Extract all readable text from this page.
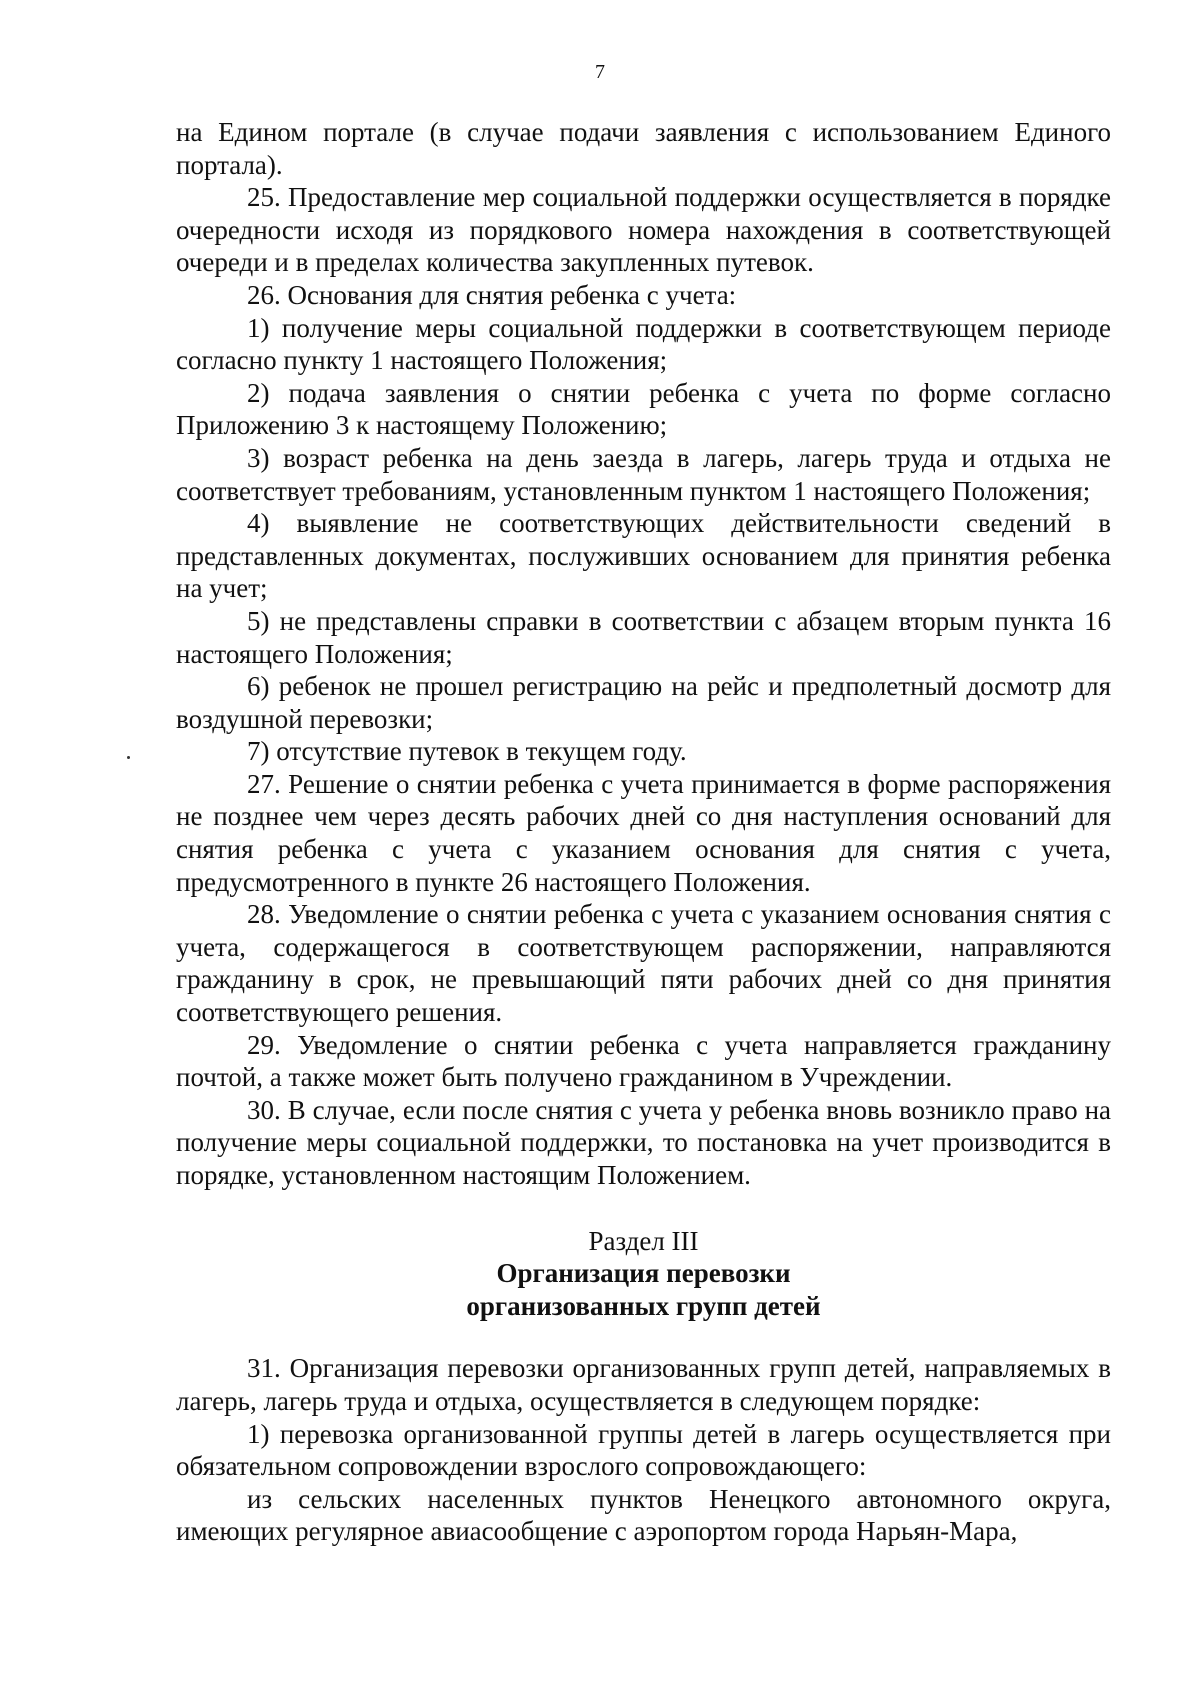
7

на Едином портале (в случае подачи заявления с использованием Единого портала).

25. Предоставление мер социальной поддержки осуществляется в порядке очередности исходя из порядкового номера нахождения в соответствующей очереди и в пределах количества закупленных путевок.

26. Основания для снятия ребенка с учета:

1) получение меры социальной поддержки в соответствующем периоде согласно пункту 1 настоящего Положения;

2) подача заявления о снятии ребенка с учета по форме согласно Приложению 3 к настоящему Положению;

3) возраст ребенка на день заезда в лагерь, лагерь труда и отдыха не соответствует требованиям, установленным пунктом 1 настоящего Положения;

4) выявление не соответствующих действительности сведений в представленных документах, послуживших основанием для принятия ребенка на учет;

5) не представлены справки в соответствии с абзацем вторым пункта 16 настоящего Положения;

6) ребенок не прошел регистрацию на рейс и предполетный досмотр для воздушной перевозки;

7) отсутствие путевок в текущем году.

27. Решение о снятии ребенка с учета принимается в форме распоряжения не позднее чем через десять рабочих дней со дня наступления оснований для снятия ребенка с учета с указанием основания для снятия с учета, предусмотренного в пункте 26 настоящего Положения.

28. Уведомление о снятии ребенка с учета с указанием основания снятия с учета, содержащегося в соответствующем распоряжении, направляются гражданину в срок, не превышающий пяти рабочих дней со дня принятия соответствующего решения.

29. Уведомление о снятии ребенка с учета направляется гражданину почтой, а также может быть получено гражданином в Учреждении.

30. В случае, если после снятия с учета у ребенка вновь возникло право на получение меры социальной поддержки, то постановка на учет производится в порядке, установленном настоящим Положением.

Раздел III
Организация перевозки
организованных групп детей

31. Организация перевозки организованных групп детей, направляемых в лагерь, лагерь труда и отдыха, осуществляется в следующем порядке:

1) перевозка организованной группы детей в лагерь осуществляется при обязательном сопровождении взрослого сопровождающего:

из сельских населенных пунктов Ненецкого автономного округа, имеющих регулярное авиасообщение с аэропортом города Нарьян-Мара,
